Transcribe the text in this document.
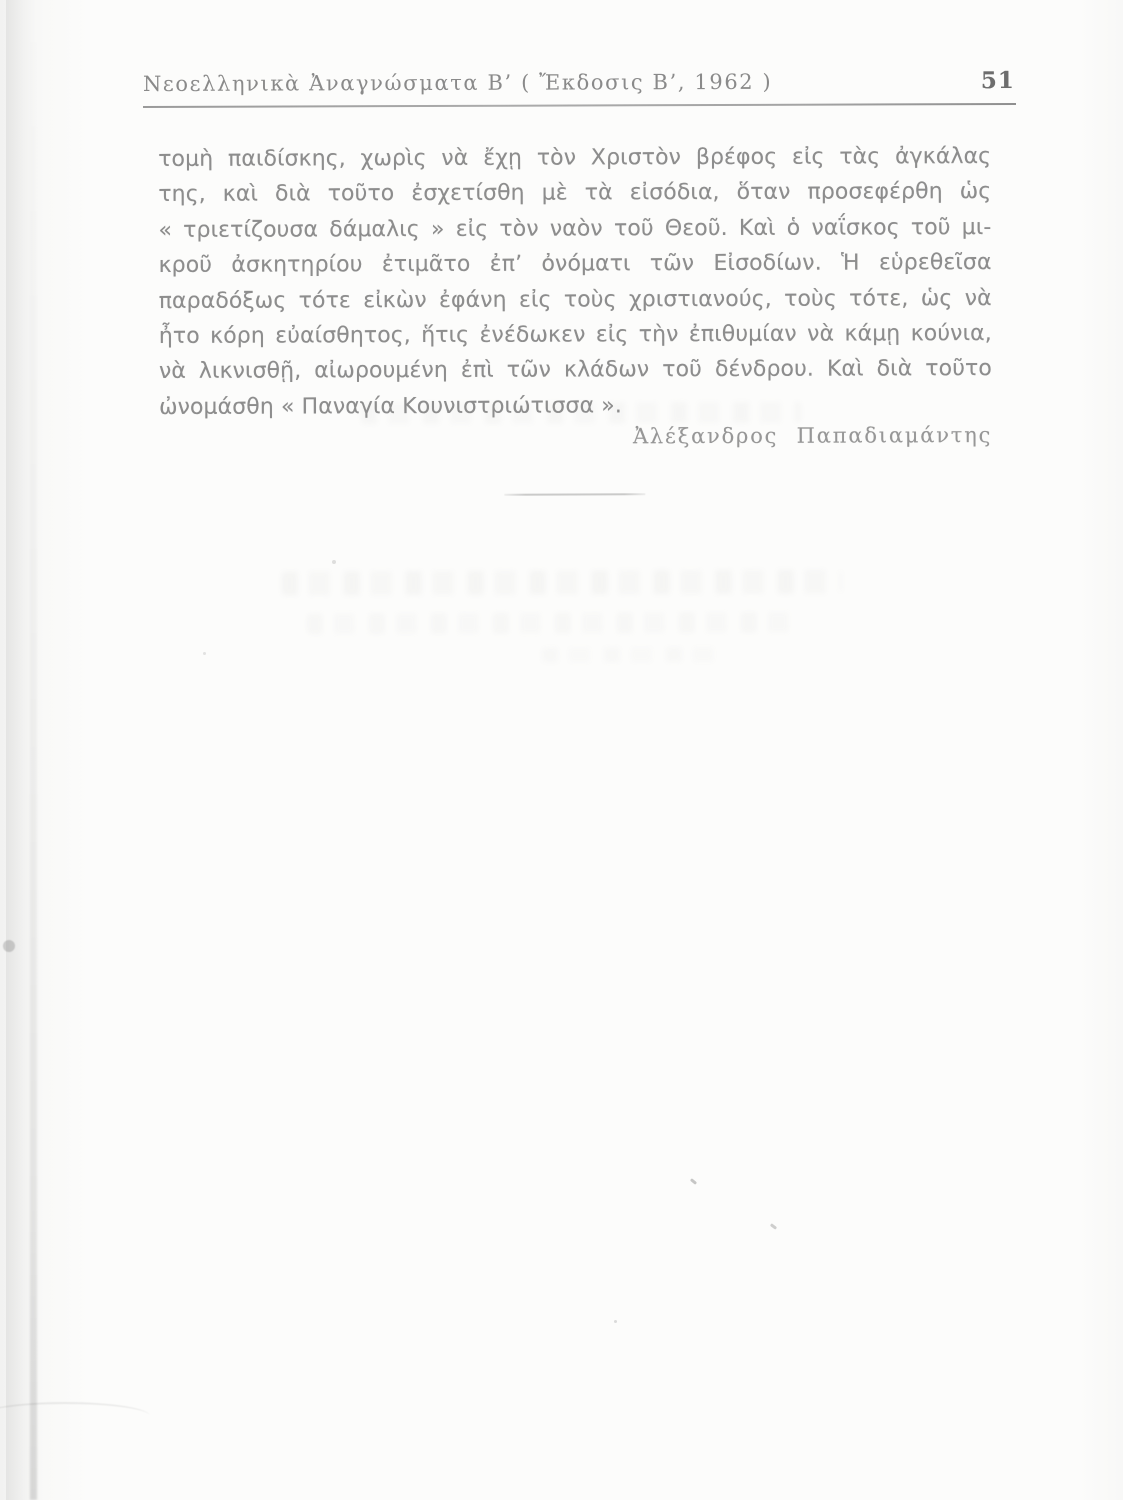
Νεοελληνικὰ Ἀναγνώσματα Β’ ( Ἔκδοσις Β’, 1962 )	51

τομὴ παιδίσκης, χωρὶς νὰ ἔχῃ τὸν Χριστὸν βρέφος εἰς τὰς ἀγκάλας

της, καὶ διὰ τοῦτο ἐσχετίσθη μὲ τὰ εἰσόδια, ὅταν προσεφέρθη ὡς

« τριετίζουσα δάμαλις » εἰς τὸν ναὸν τοῦ Θεοῦ. Καὶ ὁ ναΐσκος τοῦ μι-

κροῦ ἀσκητηρίου ἐτιμᾶτο ἐπ’ ὀνόματι τῶν Εἰσοδίων. Ἡ εὑρεθεῖσα

παραδόξως τότε εἰκὼν ἐφάνη εἰς τοὺς χριστιανούς, τοὺς τότε, ὡς νὰ

ἦτο κόρη εὐαίσθητος, ἥτις ἐνέδωκεν εἰς τὴν ἐπιθυμίαν νὰ κάμῃ κούνια,

νὰ λικνισθῇ, αἰωρουμένη ἐπὶ τῶν κλάδων τοῦ δένδρου. Καὶ διὰ τοῦτο

ὠνομάσθη « Παναγία Κουνιστριώτισσα ».

Ἀλέξανδρος Παπαδιαμάντης
